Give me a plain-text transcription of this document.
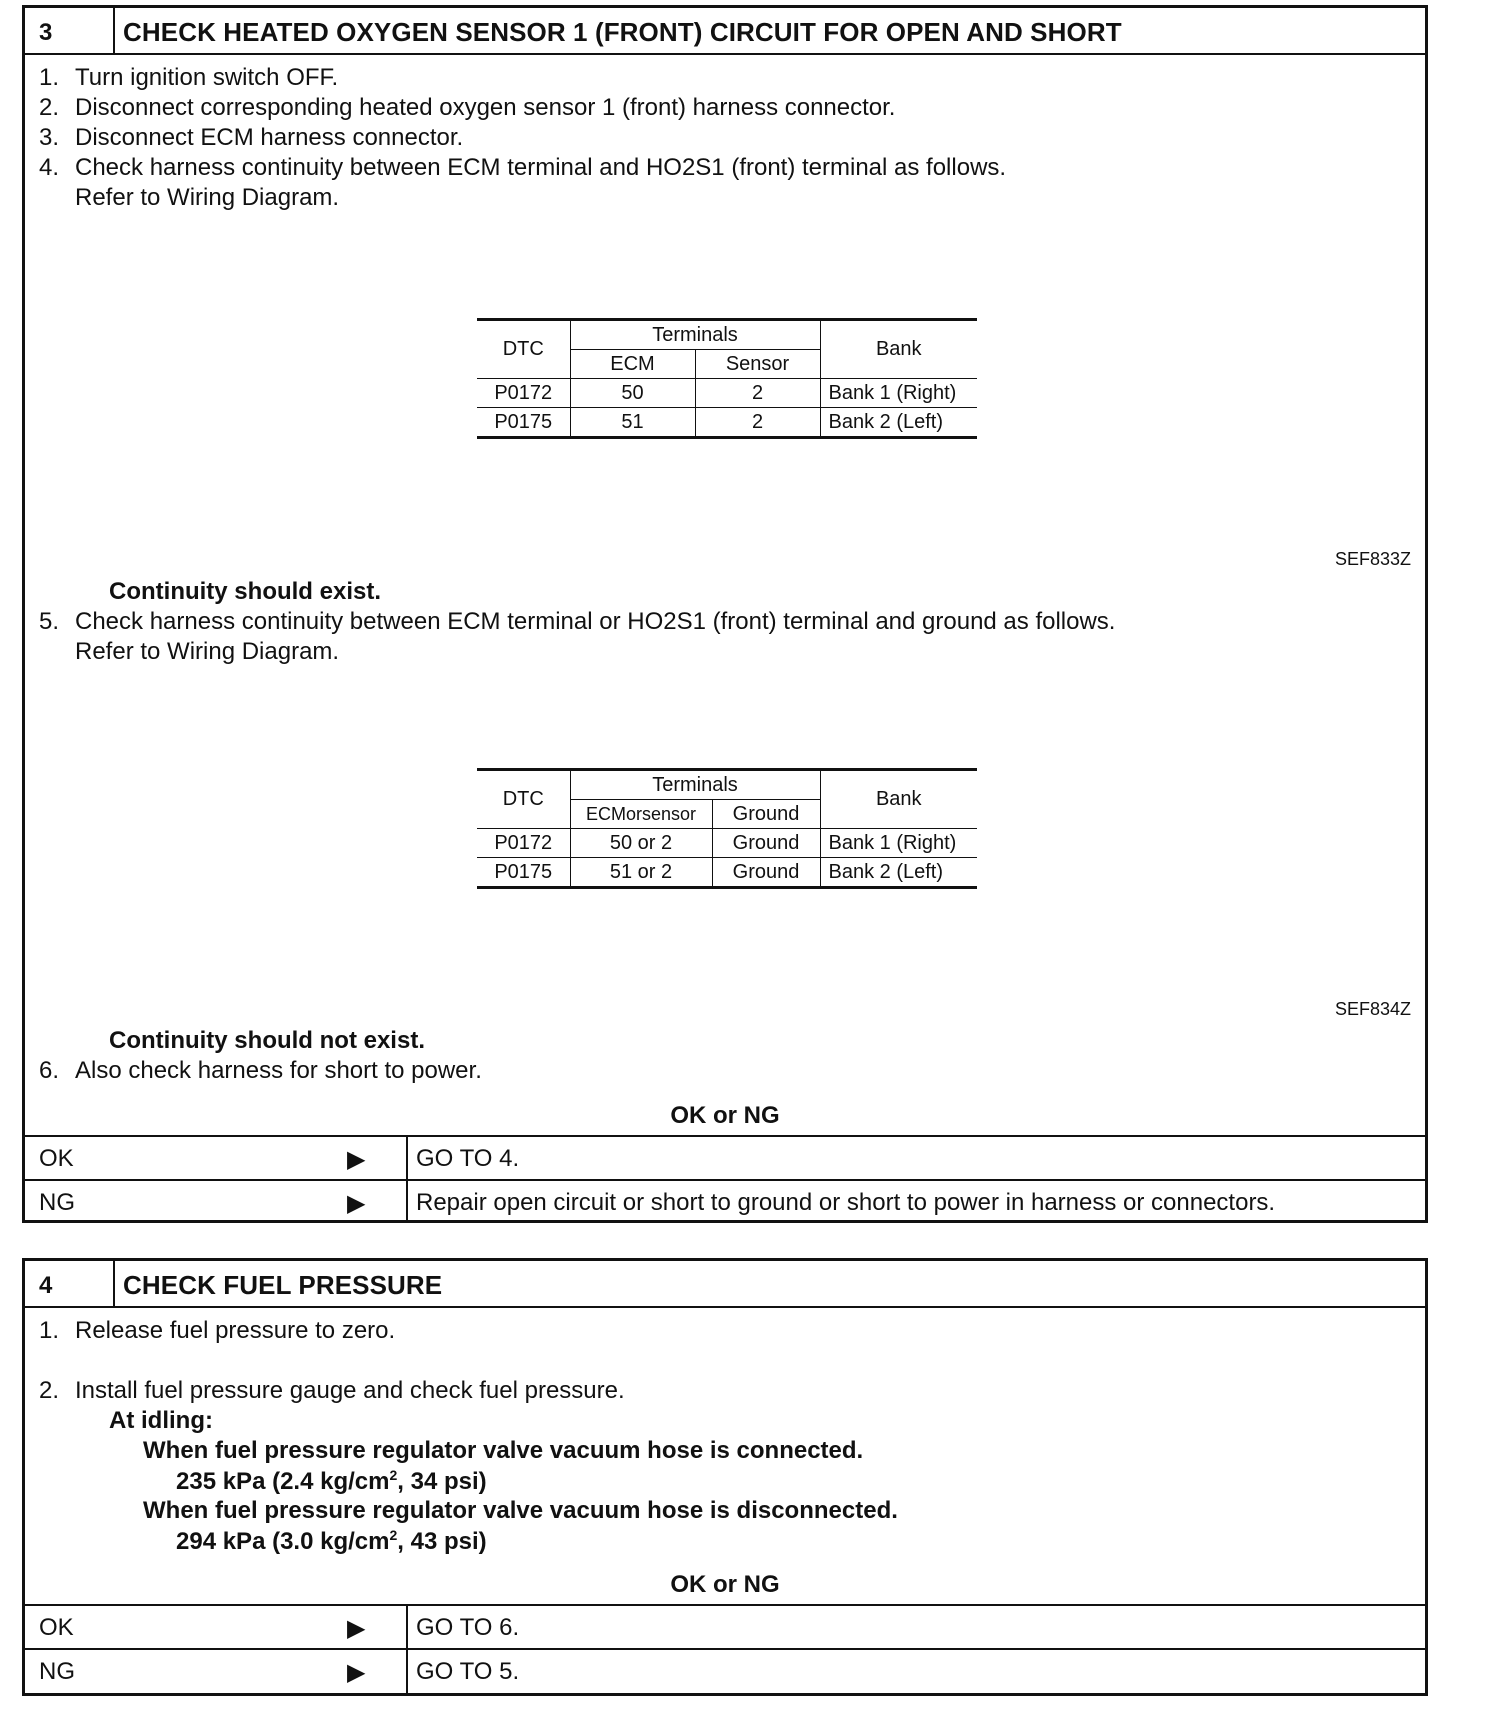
3	CHECK HEATED OXYGEN SENSOR 1 (FRONT) CIRCUIT FOR OPEN AND SHORT
1. Turn ignition switch OFF.
2. Disconnect corresponding heated oxygen sensor 1 (front) harness connector.
3. Disconnect ECM harness connector.
4. Check harness continuity between ECM terminal and HO2S1 (front) terminal as follows.
Refer to Wiring Diagram.
DTC	Terminals		Bank
	ECM	Sensor	
P0172	50	2	Bank 1 (Right)
P0175	51	2	Bank 2 (Left)
SEF833Z
Continuity should exist.
5. Check harness continuity between ECM terminal or HO2S1 (front) terminal and ground as follows.
Refer to Wiring Diagram.
DTC	Terminals		Bank
	ECMorsensor	Ground	
P0172	50 or 2	Ground	Bank 1 (Right)
P0175	51 or 2	Ground	Bank 2 (Left)
SEF834Z
Continuity should not exist.
6. Also check harness for short to power.
OK or NG
OK	▶ GO TO 4.
NG	▶ Repair open circuit or short to ground or short to power in harness or connectors.
4	CHECK FUEL PRESSURE
1. Release fuel pressure to zero.
2. Install fuel pressure gauge and check fuel pressure.
At idling:
When fuel pressure regulator valve vacuum hose is connected.
235 kPa (2.4 $kg/cm^2$, 34 psi)
When fuel pressure regulator valve vacuum hose is disconnected.
294 kPa (3.0 $kg/cm^2$, 43 psi)
OK or NG
OK	▶ GO TO 6.
NG	▶ GO TO 5.
